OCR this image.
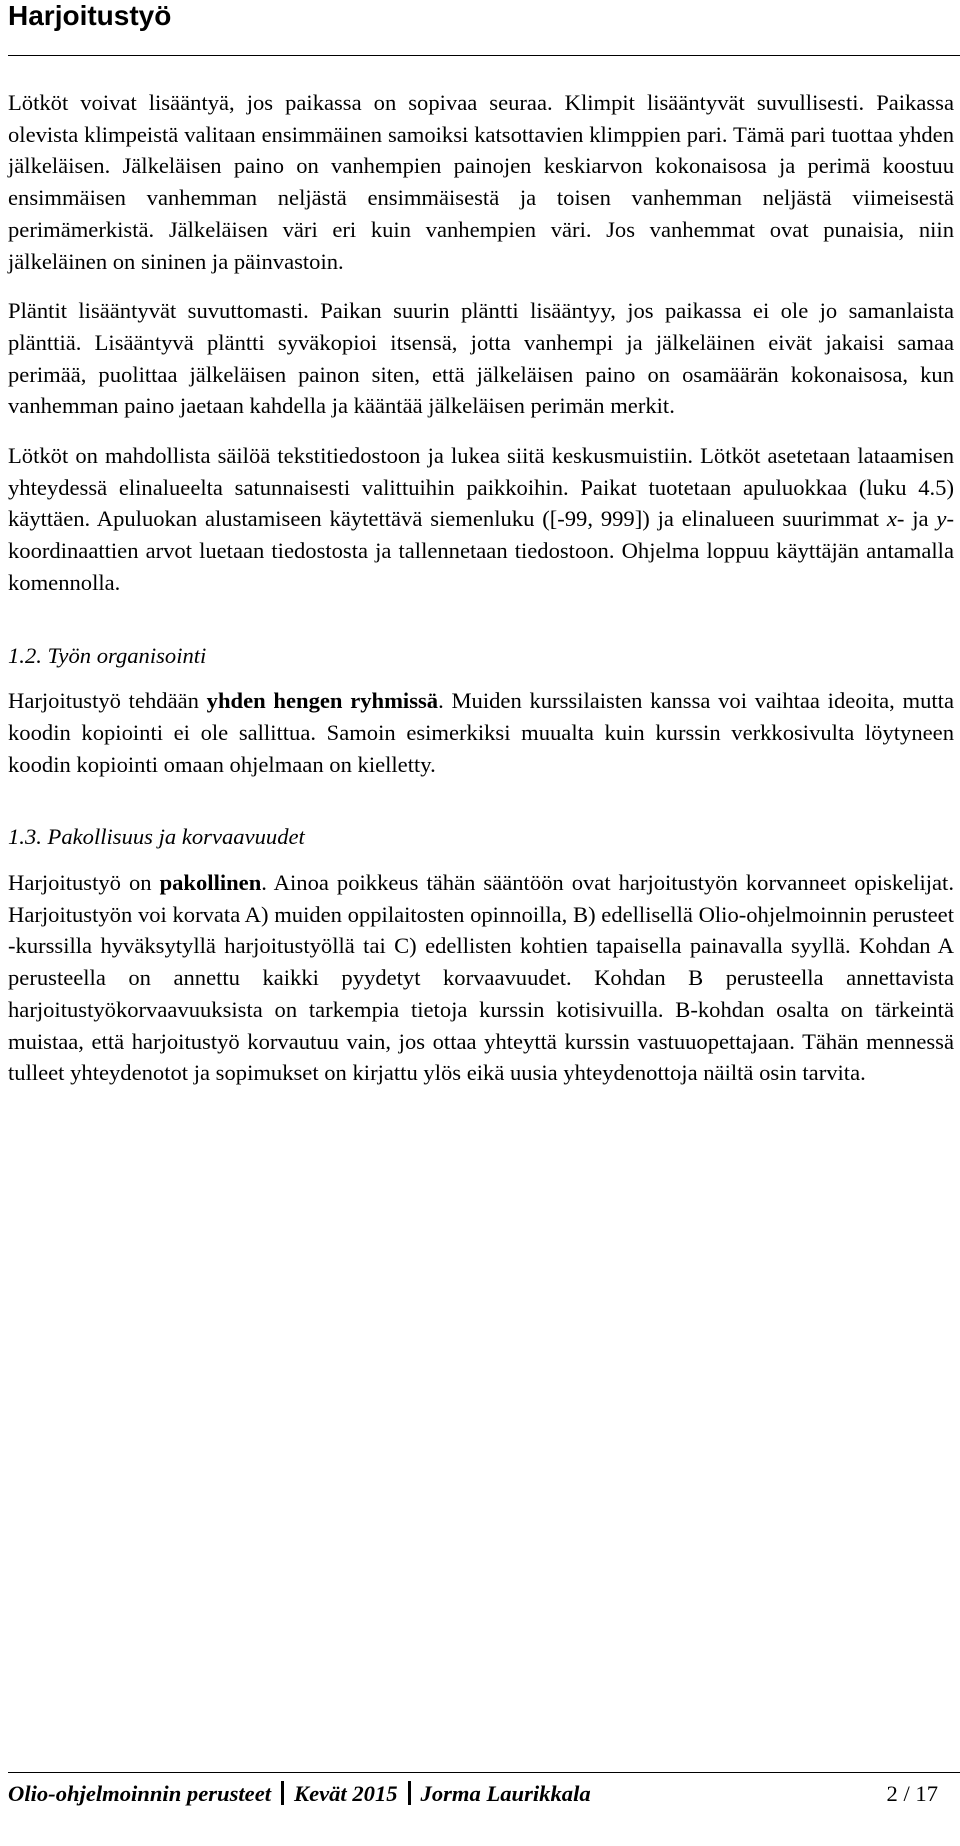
Harjoitustyö

Lötköt voivat lisääntyä, jos paikassa on sopivaa seuraa. Klimpit lisääntyvät suvullisesti. Paikassa olevista klimpeistä valitaan ensimmäinen samoiksi katsottavien klimppien pari. Tämä pari tuottaa yhden jälkeläisen. Jälkeläisen paino on vanhempien painojen keskiarvon kokonaisosa ja perimä koostuu ensimmäisen vanhemman neljästä ensimmäisestä ja toisen vanhemman neljästä viimeisestä perimämerkistä. Jälkeläisen väri eri kuin vanhempien väri. Jos vanhemmat ovat punaisia, niin jälkeläinen on sininen ja päinvastoin.

Pläntit lisääntyvät suvuttomasti. Paikan suurin pläntti lisääntyy, jos paikassa ei ole jo samanlaista plänttiä. Lisääntyvä pläntti syväkopioi itsensä, jotta vanhempi ja jälkeläinen eivät jakaisi samaa perimää, puolittaa jälkeläisen painon siten, että jälkeläisen paino on osamäärän kokonaisosa, kun vanhemman paino jaetaan kahdella ja kääntää jälkeläisen perimän merkit.

Lötköt on mahdollista säilöä tekstitiedostoon ja lukea siitä keskusmuistiin. Lötköt asetetaan lataamisen yhteydessä elinalueelta satunnaisesti valittuihin paikkoihin. Paikat tuotetaan apuluokkaa (luku 4.5) käyttäen. Apuluokan alustamiseen käytettävä siemenluku ([-99, 999]) ja elinalueen suurimmat x- ja y-koordinaattien arvot luetaan tiedostosta ja tallennetaan tiedostoon. Ohjelma loppuu käyttäjän antamalla komennolla.

1.2. Työn organisointi

Harjoitustyö tehdään yhden hengen ryhmissä. Muiden kurssilaisten kanssa voi vaihtaa ideoita, mutta koodin kopiointi ei ole sallittua. Samoin esimerkiksi muualta kuin kurssin verkkosivulta löytyneen koodin kopiointi omaan ohjelmaan on kielletty.

1.3. Pakollisuus ja korvaavuudet

Harjoitustyö on pakollinen. Ainoa poikkeus tähän sääntöön ovat harjoitustyön korvanneet opiskelijat. Harjoitustyön voi korvata A) muiden oppilaitosten opinnoilla, B) edellisellä Olio-ohjelmoinnin perusteet -kurssilla hyväksytyllä harjoitustyöllä tai C) edellisten kohtien tapaisella painavalla syyllä. Kohdan A perusteella on annettu kaikki pyydetyt korvaavuudet. Kohdan B perusteella annettavista harjoitustyökorvaavuuksista on tarkempia tietoja kurssin kotisivuilla. B-kohdan osalta on tärkeintä muistaa, että harjoitustyö korvautuu vain, jos ottaa yhteyttä kurssin vastuuopettajaan. Tähän mennessä tulleet yhteydenotot ja sopimukset on kirjattu ylös eikä uusia yhteydenottoja näiltä osin tarvita.

Olio-ohjelmoinnin perusteet Kevät 2015 Jorma Laurikkala	2 / 17
